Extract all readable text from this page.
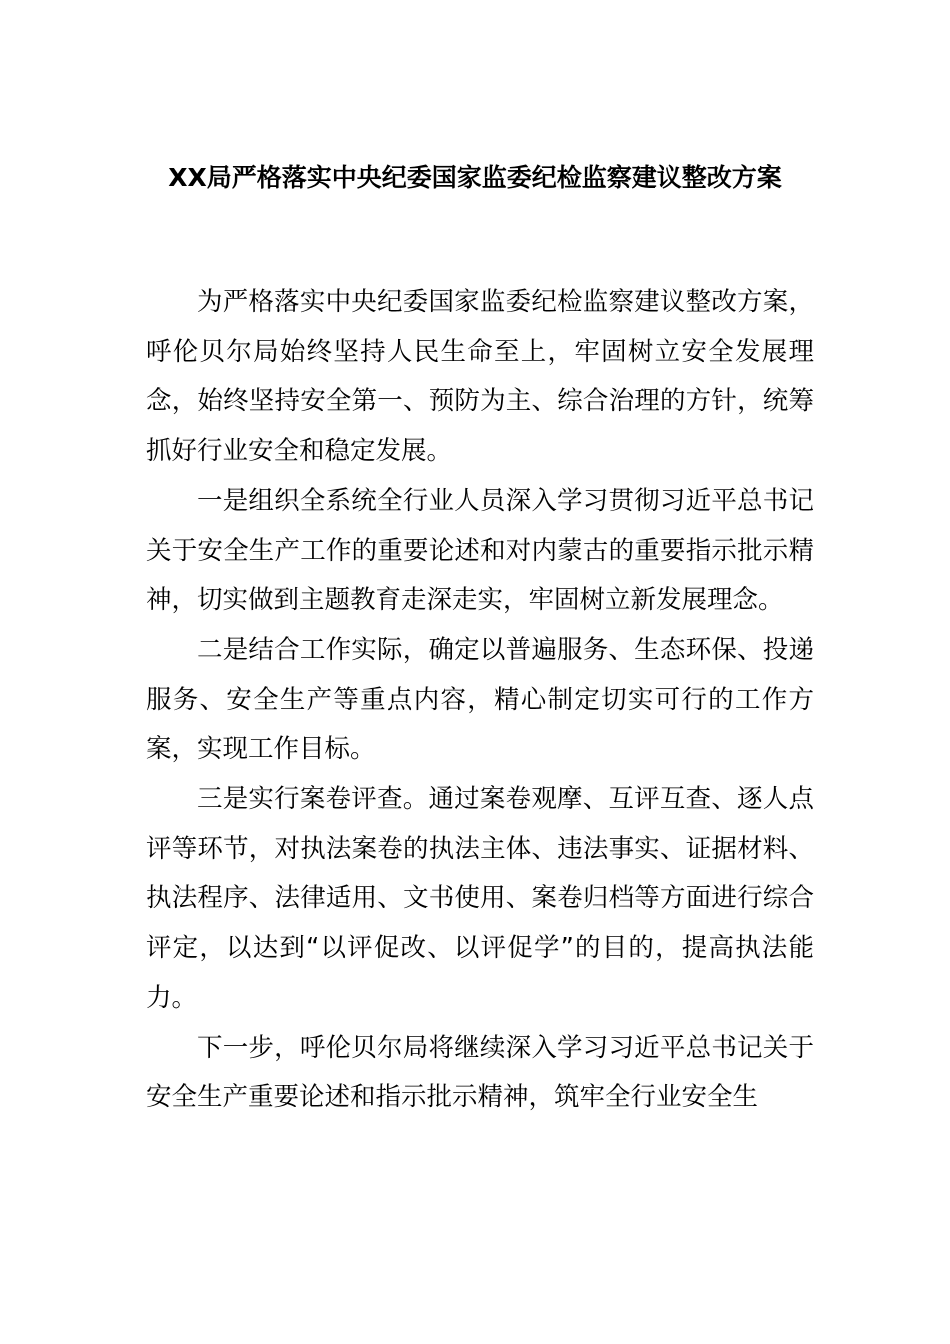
XX局严格落实中央纪委国家监委纪检监察建议整改方案

为严格落实中央纪委国家监委纪检监察建议整改方案，呼伦贝尔局始终坚持人民生命至上，牢固树立安全发展理念，始终坚持安全第一、预防为主、综合治理的方针，统筹抓好行业安全和稳定发展。

一是组织全系统全行业人员深入学习贯彻习近平总书记关于安全生产工作的重要论述和对内蒙古的重要指示批示精神，切实做到主题教育走深走实，牢固树立新发展理念。

二是结合工作实际，确定以普遍服务、生态环保、投递服务、安全生产等重点内容，精心制定切实可行的工作方案，实现工作目标。

三是实行案卷评查。通过案卷观摩、互评互查、逐人点评等环节，对执法案卷的执法主体、违法事实、证据材料、执法程序、法律适用、文书使用、案卷归档等方面进行综合评定，以达到“以评促改、以评促学”的目的，提高执法能力。

下一步，呼伦贝尔局将继续深入学习习近平总书记关于安全生产重要论述和指示批示精神，筑牢全行业安全生
